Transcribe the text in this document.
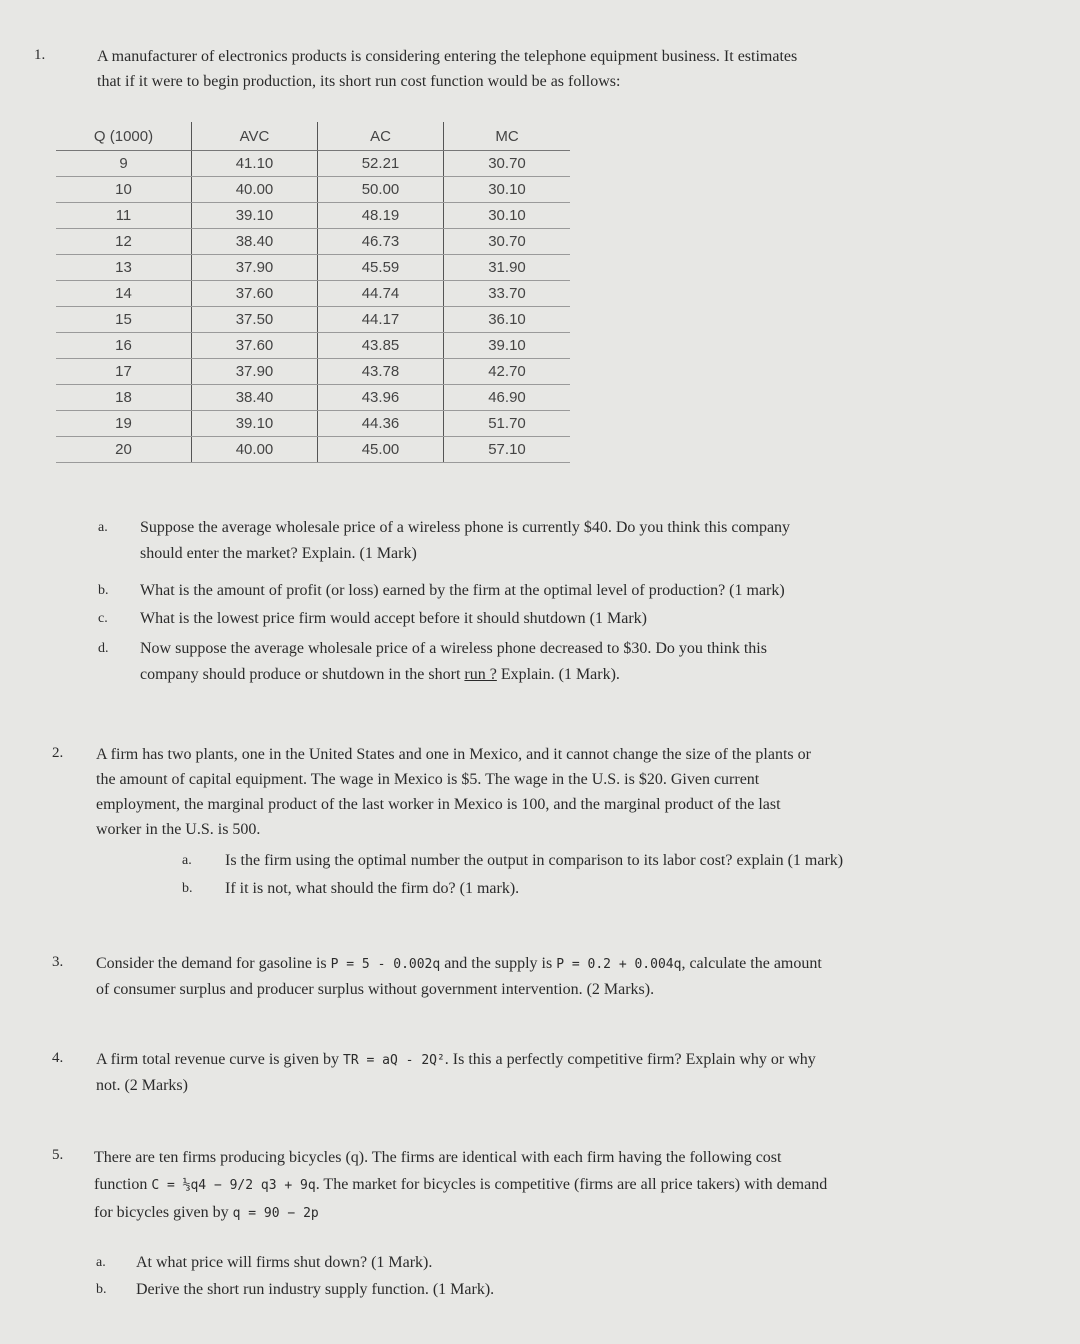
1.	A manufacturer of electronics products is considering entering the telephone equipment business. It estimates
that if it were to begin production, its short run cost function would be as follows:
Q (1000)	AVC	AC	MC
9	41.10	52.21	30.70
10	40.00	50.00	30.10
11	39.10	48.19	30.10
12	38.40	46.73	30.70
13	37.90	45.59	31.90
14	37.60	44.74	33.70
15	37.50	44.17	36.10
16	37.60	43.85	39.10
17	37.90	43.78	42.70
18	38.40	43.96	46.90
19	39.10	44.36	51.70
20	40.00	45.00	57.10
a. Suppose the average wholesale price of a wireless phone is currently $40. Do you think this company
should enter the market? Explain. (1 Mark)
b. What is the amount of profit (or loss) earned by the firm at the optimal level of production? (1 mark)
c. What is the lowest price firm would accept before it should shutdown (1 Mark)
d. Now suppose the average wholesale price of a wireless phone decreased to $30. Do you think this
company should produce or shutdown in the short run ? Explain. (1 Mark).
2. A firm has two plants, one in the United States and one in Mexico, and it cannot change the size of the plants or
the amount of capital equipment. The wage in Mexico is $5. The wage in the U.S. is $20. Given current
employment, the marginal product of the last worker in Mexico is 100, and the marginal product of the last
worker in the U.S. is 500.
a. Is the firm using the optimal number the output in comparison to its labor cost? explain (1 mark)
b. If it is not, what should the firm do? (1 mark).
3. Consider the demand for gasoline is P = 5 - 0.002q and the supply is P = 0.2 + 0.004q, calculate the amount
of consumer surplus and producer surplus without government intervention. (2 Marks).
4. A firm total revenue curve is given by TR = aQ - 2Q². Is this a perfectly competitive firm? Explain why or why
not. (2 Marks)
5. There are ten firms producing bicycles (q). The firms are identical with each firm having the following cost
function C = ⅓q4 − 9/2 q3 + 9q. The market for bicycles is competitive (firms are all price takers) with demand
for bicycles given by q = 90 − 2p
a. At what price will firms shut down? (1 Mark).
b. Derive the short run industry supply function. (1 Mark).
